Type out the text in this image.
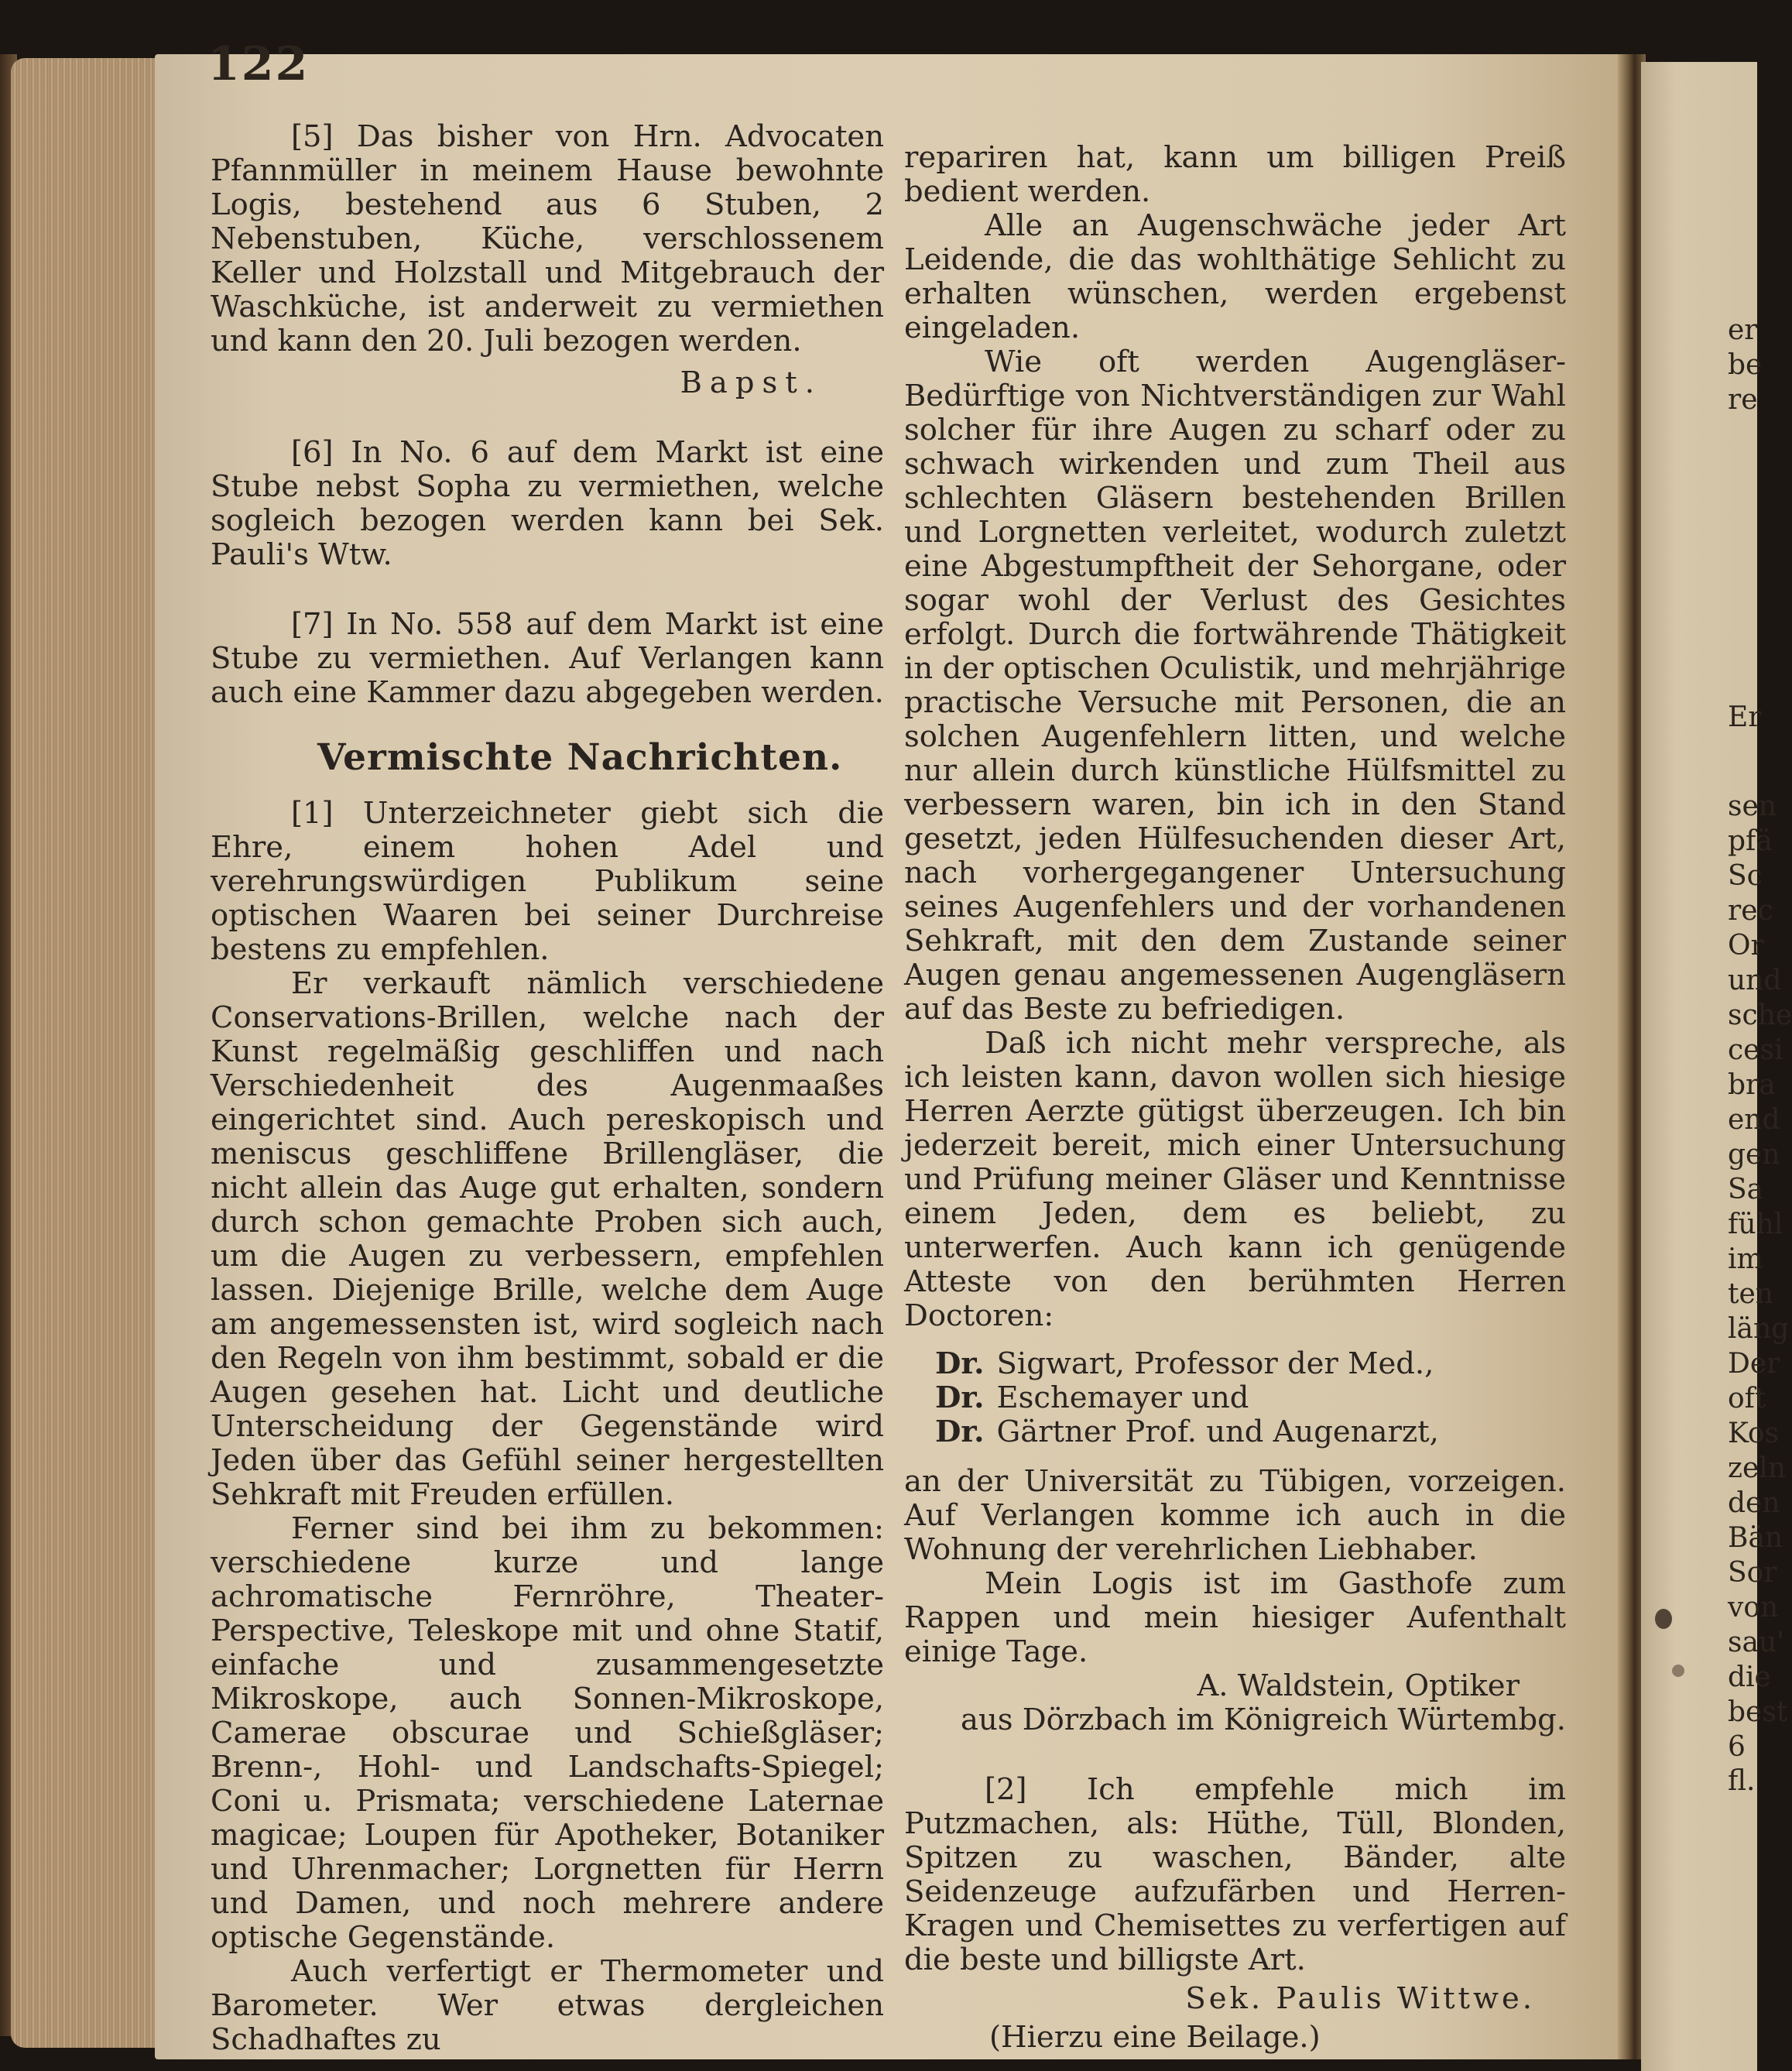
122

[5] Das bisher von Hrn. Advocaten Pfannmüller in meinem Hause bewohnte Logis, bestehend aus 6 Stuben, 2 Nebenstuben, Küche, verschlossenem Keller und Holzstall und Mitgebrauch der Waschküche, ist anderweit zu vermiethen und kann den 20. Juli bezogen werden.

Bapst.

[6] In No. 6 auf dem Markt ist eine Stube nebst Sopha zu vermiethen, welche sogleich bezogen werden kann bei Sek. Pauli's Wtw.

[7] In No. 558 auf dem Markt ist eine Stube zu vermiethen. Auf Verlangen kann auch eine Kammer dazu abgegeben werden.

Vermischte Nachrichten.

[1] Unterzeichneter giebt sich die Ehre, einem hohen Adel und verehrungswürdigen Publikum seine optischen Waaren bei seiner Durchreise bestens zu empfehlen.

Er verkauft nämlich verschiedene Conservations-Brillen, welche nach der Kunst regelmäßig geschliffen und nach Verschiedenheit des Augenmaaßes eingerichtet sind. Auch peresk​opisch und meniscus geschliffene Brillengläser, die nicht allein das Auge gut erhalten, sondern durch schon gemachte Proben sich auch, um die Augen zu verbessern, empfehlen lassen. Diejenige Brille, welche dem Auge am angemessensten ist, wird sogleich nach den Regeln von ihm bestimmt, sobald er die Augen gesehen hat. Licht und deutliche Unterscheidung der Gegenstände wird Jeden über das Gefühl seiner hergestellten Sehkraft mit Freuden erfüllen.

Ferner sind bei ihm zu bekommen: verschiedene kurze und lange achromatische Fernröhre, Theater-Perspective, Teleskope mit und ohne Statif, einfache und zusammengesetzte Mikroskope, auch Sonnen-Mikroskope, Camerae obscurae und Schießgläser; Brenn-, Hohl- und Landschafts-Spiegel; Coni u. Prismata; verschiedene Laternae magicae; Loupen für Apotheker, Botaniker und Uhrenmacher; Lorgnetten für Herrn und Damen, und noch mehrere andere optische Gegenstände.

Auch verfertigt er Thermometer und Barometer. Wer etwas dergleichen Schadhaftes zu

repariren hat, kann um billigen Preiß bedient werden.

Alle an Augenschwäche jeder Art Leidende, die das wohlthätige Sehlicht zu erhalten wünschen, werden ergebenst eingeladen.

Wie oft werden Augengläser-Bedürftige von Nichtverständigen zur Wahl solcher für ihre Augen zu scharf oder zu schwach wirkenden und zum Theil aus schlechten Gläsern bestehenden Brillen und Lorgnetten verleitet, wodurch zuletzt eine Abgestumpftheit der Sehorgane, oder sogar wohl der Verlust des Gesichtes erfolgt. Durch die fortwährende Thätigkeit in der optischen Oculistik, und mehrjährige practische Versuche mit Personen, die an solchen Augenfehlern litten, und welche nur allein durch künstliche Hülfsmittel zu verbessern waren, bin ich in den Stand gesetzt, jeden Hülfesuchenden dieser Art, nach vorhergegangener Untersuchung seines Augenfehlers und der vorhandenen Sehkraft, mit den dem Zustande seiner Augen genau angemessenen Augengläsern auf das Beste zu befriedigen.

Daß ich nicht mehr verspreche, als ich leisten kann, davon wollen sich hiesige Herren Aerzte gütigst überzeugen. Ich bin jederzeit bereit, mich einer Untersuchung und Prüfung meiner Gläser und Kenntnisse einem Jeden, dem es beliebt, zu unterwerfen. Auch kann ich genügende Atteste von den berühmten Herren Doctoren:

Dr. Sigwart, Professor der Med.,

Dr. Eschemayer und

Dr. Gärtner Prof. und Augenarzt,

an der Universität zu Tübigen, vorzeigen. Auf Verlangen komme ich auch in die Wohnung der verehrlichen Liebhaber.

Mein Logis ist im Gasthofe zum Rappen und mein hiesiger Aufenthalt einige Tage.

A. Waldstein, Optiker

aus Dörzbach im Königreich Würtembg.

[2] Ich empfehle mich im Putzmachen, als: Hüthe, Tüll, Blonden, Spitzen zu waschen, Bänder, alte Seidenzeuge aufzufärben und Herren-Kragen und Chemisettes zu verfertigen auf die beste und billigste Art.

Sek. Paulis Wittwe.

(Hierzu eine Beilage.)

er
be
re
Er
sen
pfä
Sc
rec
Or
und
sche
cesi
bra
end
gen
Sa
fühl
im
ten
läng
Der
oft
Kos
zeln
den
Bän
Sor
von
sau'
die
best
6 fl.
